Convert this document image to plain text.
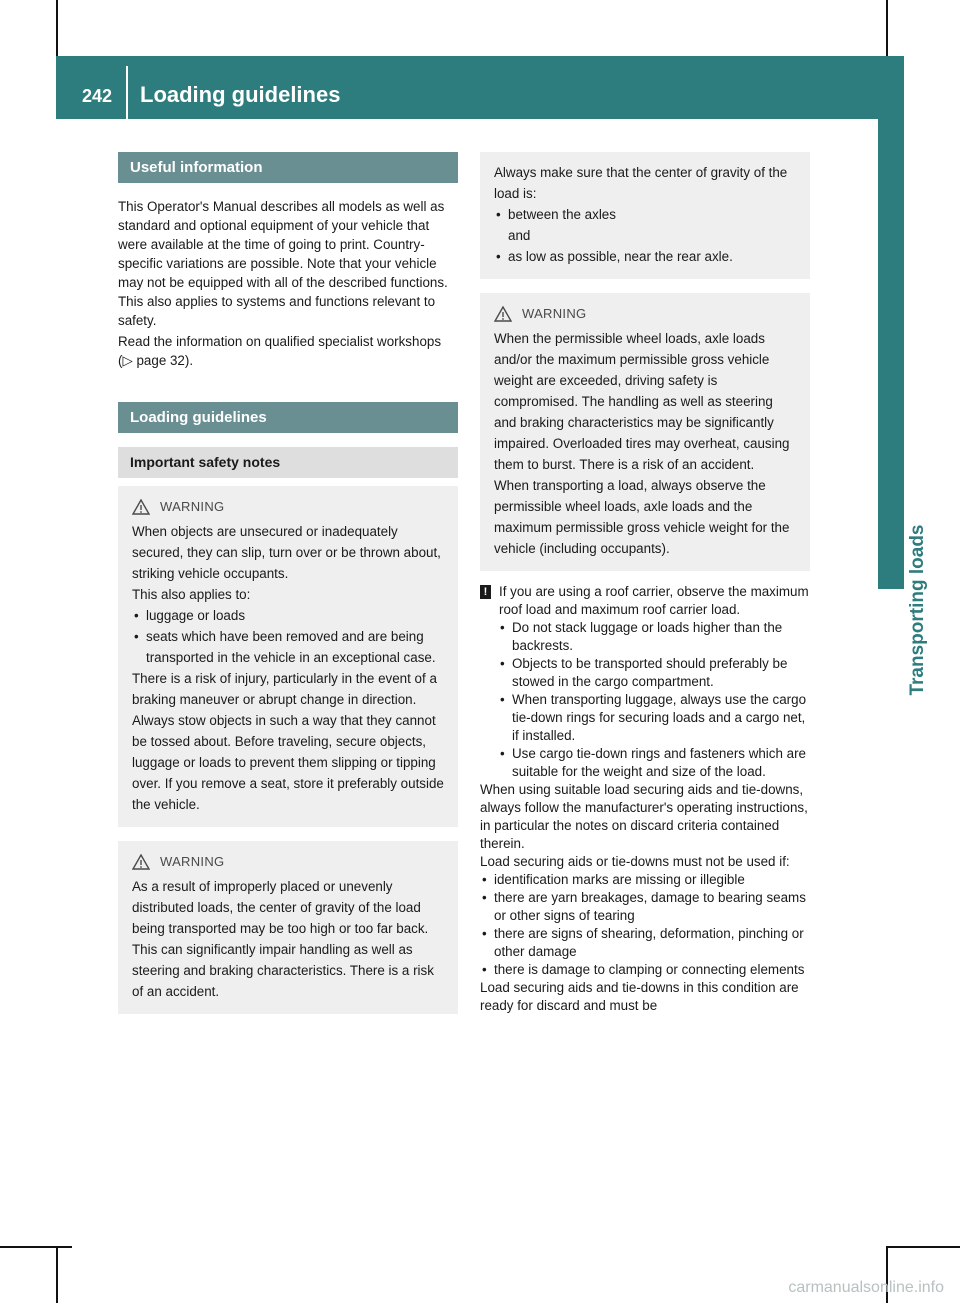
242 Loading guidelines
Transporting loads
Useful information

This Operator's Manual describes all models as well as standard and optional equipment of your vehicle that were available at the time of going to print. Country-specific variations are possible. Note that your vehicle may not be equipped with all of the described functions. This also applies to systems and functions relevant to safety.

Read the information on qualified specialist workshops (▷ page 32).

Loading guidelines
Important safety notes
WARNING
When objects are unsecured or inadequately secured, they can slip, turn over or be thrown about, striking vehicle occupants.
This also applies to:
• luggage or loads
• seats which have been removed and are being transported in the vehicle in an exceptional case.
There is a risk of injury, particularly in the event of a braking maneuver or abrupt change in direction.
Always stow objects in such a way that they cannot be tossed about. Before traveling, secure objects, luggage or loads to prevent them slipping or tipping over. If you remove a seat, store it preferably outside the vehicle.
WARNING
As a result of improperly placed or unevenly distributed loads, the center of gravity of the load being transported may be too high or too far back. This can significantly impair handling as well as steering and braking characteristics. There is a risk of an accident.
Always make sure that the center of gravity of the load is:
• between the axles
and
• as low as possible, near the rear axle.
WARNING
When the permissible wheel loads, axle loads and/or the maximum permissible gross vehicle weight are exceeded, driving safety is compromised. The handling as well as steering and braking characteristics may be significantly impaired. Overloaded tires may overheat, causing them to burst. There is a risk of an accident.
When transporting a load, always observe the permissible wheel loads, axle loads and the maximum permissible gross vehicle weight for the vehicle (including occupants).
! If you are using a roof carrier, observe the maximum roof load and maximum roof carrier load.
• Do not stack luggage or loads higher than the backrests.
• Objects to be transported should preferably be stowed in the cargo compartment.
• When transporting luggage, always use the cargo tie-down rings for securing loads and a cargo net, if installed.
• Use cargo tie-down rings and fasteners which are suitable for the weight and size of the load.
When using suitable load securing aids and tie-downs, always follow the manufacturer's operating instructions, in particular the notes on discard criteria contained therein.
Load securing aids or tie-downs must not be used if:
• identification marks are missing or illegible
• there are yarn breakages, damage to bearing seams or other signs of tearing
• there are signs of shearing, deformation, pinching or other damage
• there is damage to clamping or connecting elements
Load securing aids and tie-downs in this condition are ready for discard and must be
carmanualsonline.info
